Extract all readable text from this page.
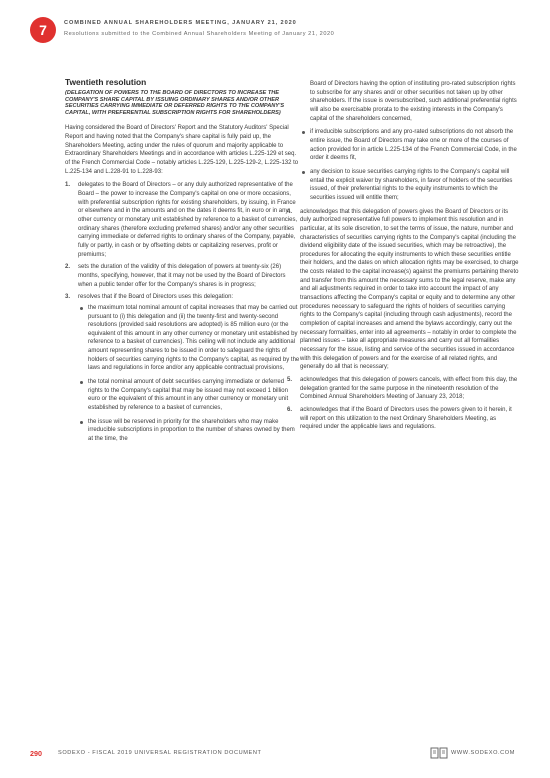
7	COMBINED ANNUAL SHAREHOLDERS MEETING, JANUARY 21, 2020
Resolutions submitted to the Combined Annual Shareholders Meeting of January 21, 2020
Twentieth resolution
(DELEGATION OF POWERS TO THE BOARD OF DIRECTORS TO INCREASE THE COMPANY'S SHARE CAPITAL BY ISSUING ORDINARY SHARES AND/OR OTHER SECURITIES CARRYING IMMEDIATE OR DEFERRED RIGHTS TO THE COMPANY'S CAPITAL, WITH PREFERENTIAL SUBSCRIPTION RIGHTS FOR SHAREHOLDERS)

Having considered the Board of Directors' Report and the Statutory Auditors' Special Report and having noted that the Company's share capital is fully paid up, the Shareholders Meeting, acting under the rules of quorum and majority applicable to Extraordinary Shareholders Meetings and in accordance with articles L.225-129 et seq. of the French Commercial Code – notably articles L.225-129, L.225-129-2, L.225-132 to L.225-134 and L.228-91 to L.228-93:

1. delegates to the Board of Directors – or any duly authorized representative of the Board – the power to increase the Company's capital on one or more occasions, with preferential subscription rights for existing shareholders, by issuing, in France or elsewhere and in the amounts and on the dates it deems fit, in euro or in any other currency or monetary unit established by reference to a basket of currencies, ordinary shares (therefore excluding preferred shares) and/or any other securities carrying immediate or deferred rights to ordinary shares of the Company, payable, fully or partly, in cash or by offsetting debts or capitalizing reserves, profit or premiums;
2. sets the duration of the validity of this delegation of powers at twenty-six (26) months, specifying, however, that it may not be used by the Board of Directors when a public tender offer for the Company's shares is in progress;
3. resolves that if the Board of Directors uses this delegation:
the maximum total nominal amount of capital increases that may be carried out pursuant to (i) this delegation and (ii) the twenty-first and twenty-second resolutions (provided said resolutions are adopted) is 85 million euro (or the equivalent of this amount in any other currency or monetary unit established by reference to a basket of currencies). This ceiling will not include any additional amount representing shares to be issued in order to safeguard the rights of holders of securities carrying rights to the Company's capital, as required by the laws and regulations in force and/or any applicable contractual provisions,
the total nominal amount of debt securities carrying immediate or deferred rights to the Company's capital that may be issued may not exceed 1 billion euro or the equivalent of this amount in any other currency or monetary unit established by reference to a basket of currencies,
the issue will be reserved in priority for the shareholders who may make irreducible subscriptions in proportion to the number of shares owned by them at the time, the

Board of Directors having the option of instituting pro-rated subscription rights to subscribe for any shares and/ or other securities not taken up by other shareholders. If the issue is oversubscribed, such additional preferential rights will also be exercisable prorata to the existing interests in the Company's capital of the shareholders concerned,

if irreducible subscriptions and any pro-rated subscriptions do not absorb the entire issue, the Board of Directors may take one or more of the courses of action provided for in article L.225-134 of the French Commercial Code, in the order it deems fit,
any decision to issue securities carrying rights to the Company's capital will entail the explicit waiver by shareholders, in favor of holders of the securities issued, of their preferential rights to the equity instruments to which the securities issued will entitle them;
4. acknowledges that this delegation of powers gives the Board of Directors or its duly authorized representative full powers to implement this resolution and in particular, at its sole discretion, to set the terms of issue, the nature, number and characteristics of securities carrying rights to the Company's capital (including the dividend eligibility date of the issued securities, which may be retroactive), the procedures for allocating the equity instruments to which these securities entitle their holders, and the dates on which allocation rights may be exercised, to charge the costs related to the capital increase(s) against the premiums pertaining thereto and transfer from this amount the necessary sums to the legal reserve, make any and all adjustments required in order to take into account the impact of any transactions affecting the Company's capital or equity and to determine any other procedures necessary to safeguard the rights of holders of securities carrying rights to the Company's capital (including through cash adjustments), record the completion of capital increases and amend the bylaws accordingly, carry out the necessary formalities, enter into all agreements – notably in order to complete the planned issues – take all appropriate measures and carry out all formalities necessary for the issue, listing and service of the securities issued in accordance with this delegation of powers and for the exercise of all related rights, and generally do all that is necessary;
5. acknowledges that this delegation of powers cancels, with effect from this day, the delegation granted for the same purpose in the nineteenth resolution of the Combined Annual Shareholders Meeting of January 23, 2018;
6. acknowledges that if the Board of Directors uses the powers given to it herein, it will report on this utilization to the next Ordinary Shareholders Meeting, as required under the applicable laws and regulations.
290	SODEXO - FISCAL 2019 UNIVERSAL REGISTRATION DOCUMENT	WWW.SODEXO.COM
